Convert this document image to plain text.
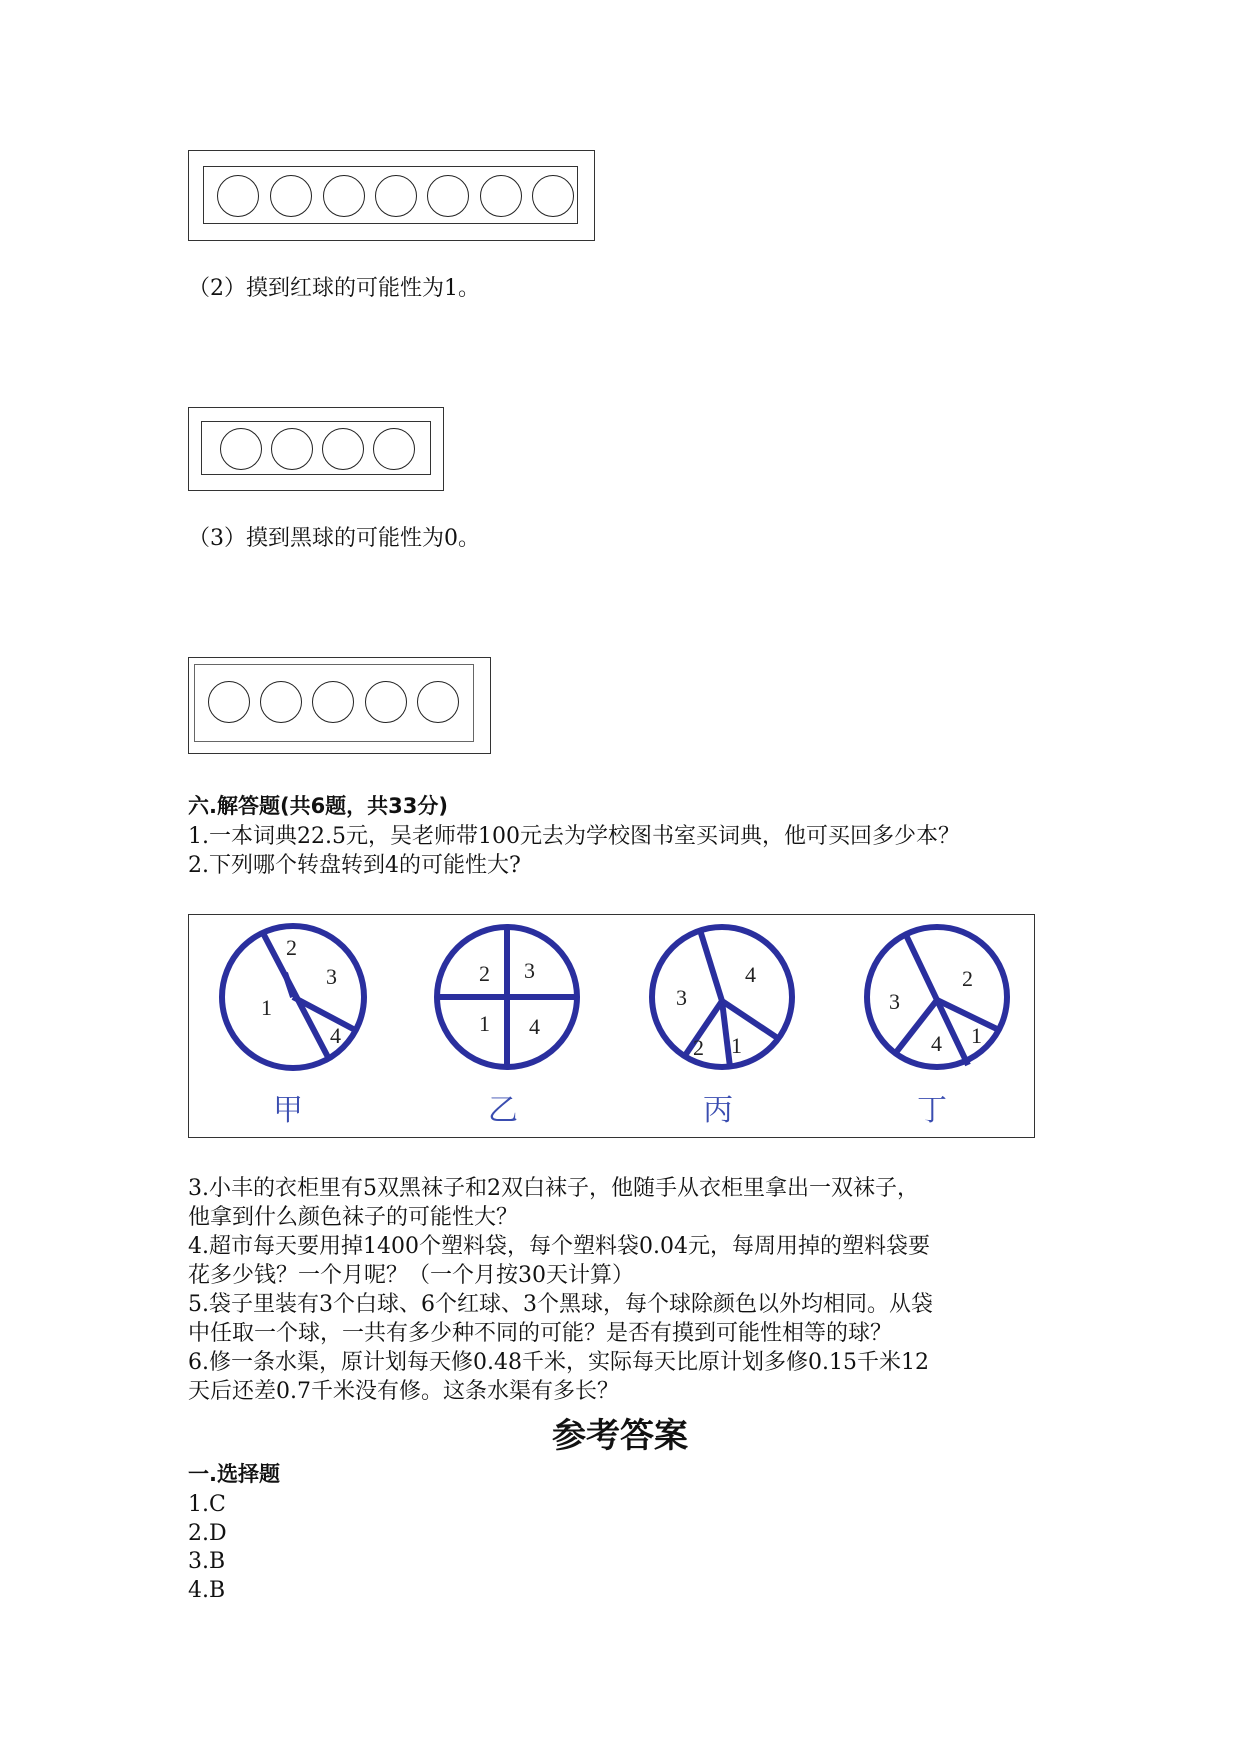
（2）摸到红球的可能性为1。
（3）摸到黑球的可能性为0。
六.解答题(共6题，共33分)
1.一本词典22.5元，吴老师带100元去为学校图书室买词典，他可买回多少本？
2.下列哪个转盘转到4的可能性大?
2
3
1
4
2 3
1 4
3
4
2 1
3
2
4 1
甲	乙	丙	丁
3.小丰的衣柜里有5双黑袜子和2双白袜子，他随手从衣柜里拿出一双袜子，
他拿到什么颜色袜子的可能性大？
4.超市每天要用掉1400个塑料袋，每个塑料袋0.04元，每周用掉的塑料袋要
花多少钱？一个月呢？（一个月按30天计算）
5.袋子里装有3个白球、6个红球、3个黑球，每个球除颜色以外均相同。从袋
中任取一个球，一共有多少种不同的可能？是否有摸到可能性相等的球？
6.修一条水渠，原计划每天修0.48千米，实际每天比原计划多修0.15千米12
天后还差0.7千米没有修。这条水渠有多长？
参考答案
一.选择题
1.C
2.D
3.B
4.B
